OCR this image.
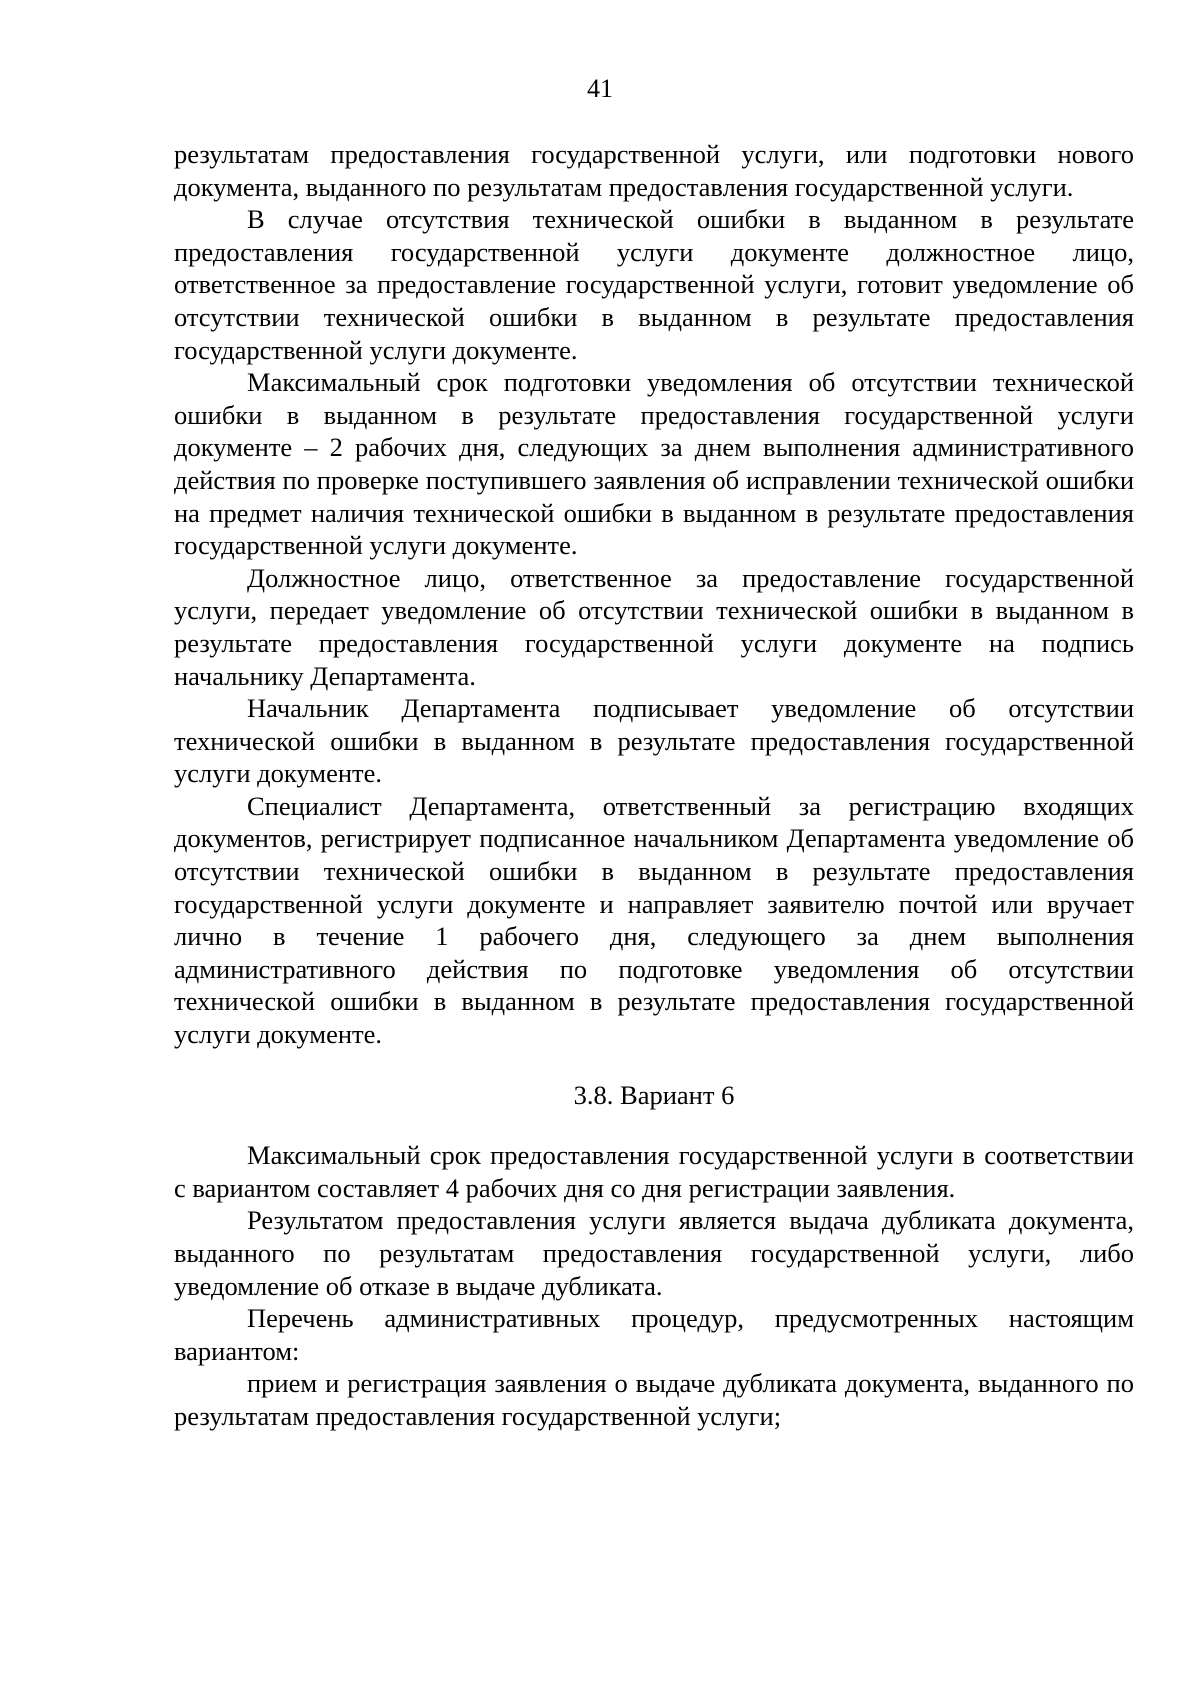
41

результатам предоставления государственной услуги, или подготовки нового документа, выданного по результатам предоставления государственной услуги.

В случае отсутствия технической ошибки в выданном в результате предоставления государственной услуги документе должностное лицо, ответственное за предоставление государственной услуги, готовит уведомление об отсутствии технической ошибки в выданном в результате предоставления государственной услуги документе.

Максимальный срок подготовки уведомления об отсутствии технической ошибки в выданном в результате предоставления государственной услуги документе – 2 рабочих дня, следующих за днем выполнения административного действия по проверке поступившего заявления об исправлении технической ошибки на предмет наличия технической ошибки в выданном в результате предоставления государственной услуги документе.

Должностное лицо, ответственное за предоставление государственной услуги, передает уведомление об отсутствии технической ошибки в выданном в результате предоставления государственной услуги документе на подпись начальнику Департамента.

Начальник Департамента подписывает уведомление об отсутствии технической ошибки в выданном в результате предоставления государственной услуги документе.

Специалист Департамента, ответственный за регистрацию входящих документов, регистрирует подписанное начальником Департамента уведомление об отсутствии технической ошибки в выданном в результате предоставления государственной услуги документе и направляет заявителю почтой или вручает лично в течение 1 рабочего дня, следующего за днем выполнения административного действия по подготовке уведомления об отсутствии технической ошибки в выданном в результате предоставления государственной услуги документе.

3.8. Вариант 6

Максимальный срок предоставления государственной услуги в соответствии с вариантом составляет 4 рабочих дня со дня регистрации заявления.

Результатом предоставления услуги является выдача дубликата документа, выданного по результатам предоставления государственной услуги, либо уведомление об отказе в выдаче дубликата.

Перечень административных процедур, предусмотренных настоящим вариантом:

прием и регистрация заявления о выдаче дубликата документа, выданного по результатам предоставления государственной услуги;
